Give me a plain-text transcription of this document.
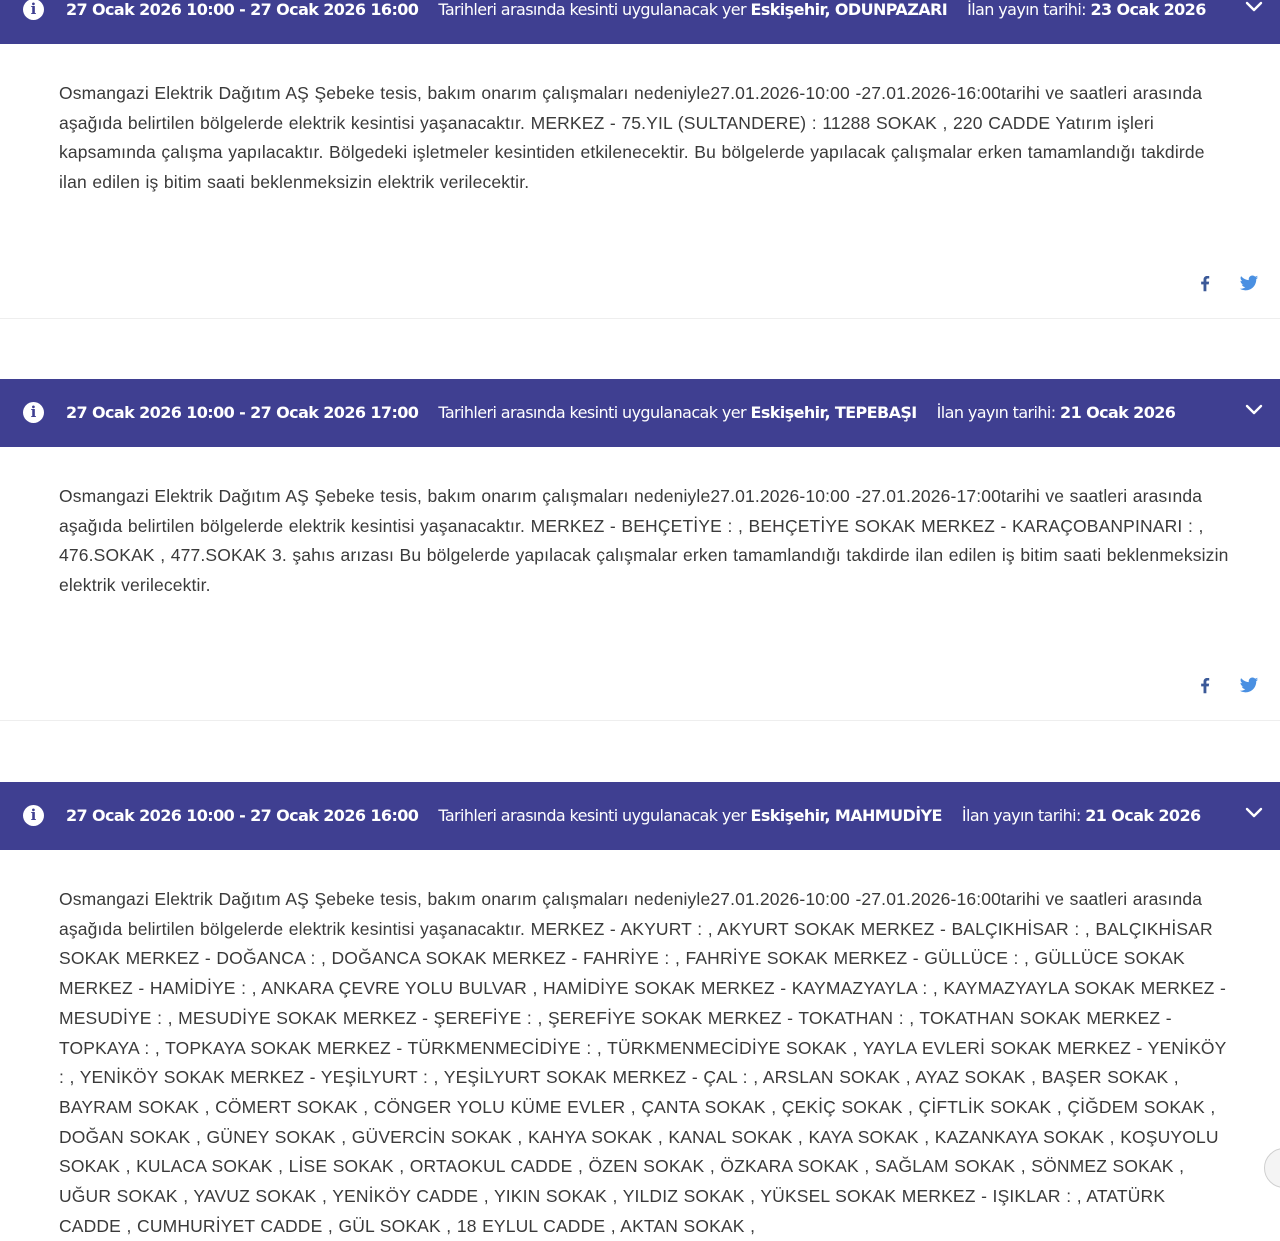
i	27 Ocak 2026 10:00 - 27 Ocak 2026 16:00 Tarihleri arasında kesinti uygulanacak yer Eskişehir, ODUNPAZARI İlan yayın tarihi: 23 Ocak 2026

Osmangazi Elektrik Dağıtım AŞ Şebeke tesis, bakım onarım çalışmaları nedeniyle27.01.2026-10:00 -27.01.2026-16:00tarihi ve saatleri arasında aşağıda belirtilen bölgelerde elektrik kesintisi yaşanacaktır. MERKEZ - 75.YIL (SULTANDERE) : 11288 SOKAK , 220 CADDE Yatırım işleri kapsamında çalışma yapılacaktır. Bölgedeki işletmeler kesintiden etkilenecektir. Bu bölgelerde yapılacak çalışmalar erken tamamlandığı takdirde ilan edilen iş bitim saati beklenmeksizin elektrik verilecektir.

i	27 Ocak 2026 10:00 - 27 Ocak 2026 17:00 Tarihleri arasında kesinti uygulanacak yer Eskişehir, TEPEBAŞI İlan yayın tarihi: 21 Ocak 2026

Osmangazi Elektrik Dağıtım AŞ Şebeke tesis, bakım onarım çalışmaları nedeniyle27.01.2026-10:00 -27.01.2026-17:00tarihi ve saatleri arasında aşağıda belirtilen bölgelerde elektrik kesintisi yaşanacaktır. MERKEZ - BEHÇETİYE : , BEHÇETİYE SOKAK MERKEZ - KARAÇOBANPINARI : , 476.SOKAK , 477.SOKAK 3. şahıs arızası Bu bölgelerde yapılacak çalışmalar erken tamamlandığı takdirde ilan edilen iş bitim saati beklenmeksizin elektrik verilecektir.

i	27 Ocak 2026 10:00 - 27 Ocak 2026 16:00 Tarihleri arasında kesinti uygulanacak yer Eskişehir, MAHMUDİYE İlan yayın tarihi: 21 Ocak 2026

Osmangazi Elektrik Dağıtım AŞ Şebeke tesis, bakım onarım çalışmaları nedeniyle27.01.2026-10:00 -27.01.2026-16:00tarihi ve saatleri arasında aşağıda belirtilen bölgelerde elektrik kesintisi yaşanacaktır. MERKEZ - AKYURT : , AKYURT SOKAK MERKEZ - BALÇIKHİSAR : , BALÇIKHİSAR SOKAK MERKEZ - DOĞANCA : , DOĞANCA SOKAK MERKEZ - FAHRİYE : , FAHRİYE SOKAK MERKEZ - GÜLLÜCE : , GÜLLÜCE SOKAK MERKEZ - HAMİDİYE : , ANKARA ÇEVRE YOLU BULVAR , HAMİDİYE SOKAK MERKEZ - KAYMAZYAYLA : , KAYMAZYAYLA SOKAK MERKEZ - MESUDİYE : , MESUDİYE SOKAK MERKEZ - ŞEREFİYE : , ŞEREFİYE SOKAK MERKEZ - TOKATHAN : , TOKATHAN SOKAK MERKEZ - TOPKAYA : , TOPKAYA SOKAK MERKEZ - TÜRKMENMECİDİYE : , TÜRKMENMECİDİYE SOKAK , YAYLA EVLERİ SOKAK MERKEZ - YENİKÖY : , YENİKÖY SOKAK MERKEZ - YEŞİLYURT : , YEŞİLYURT SOKAK MERKEZ - ÇAL : , ARSLAN SOKAK , AYAZ SOKAK , BAŞER SOKAK , BAYRAM SOKAK , CÖMERT SOKAK , CÖNGER YOLU KÜME EVLER , ÇANTA SOKAK , ÇEKİÇ SOKAK , ÇİFTLİK SOKAK , ÇİĞDEM SOKAK , DOĞAN SOKAK , GÜNEY SOKAK , GÜVERCİN SOKAK , KAHYA SOKAK , KANAL SOKAK , KAYA SOKAK , KAZANKAYA SOKAK , KOŞUYOLU SOKAK , KULACA SOKAK , LİSE SOKAK , ORTAOKUL CADDE , ÖZEN SOKAK , ÖZKARA SOKAK , SAĞLAM SOKAK , SÖNMEZ SOKAK , UĞUR SOKAK , YAVUZ SOKAK , YENİKÖY CADDE , YIKIN SOKAK , YILDIZ SOKAK , YÜKSEL SOKAK MERKEZ - IŞIKLAR : , ATATÜRK CADDE , CUMHURİYET CADDE , GÜL SOKAK , 18 EYLUL CADDE , AKTAN SOKAK ,
